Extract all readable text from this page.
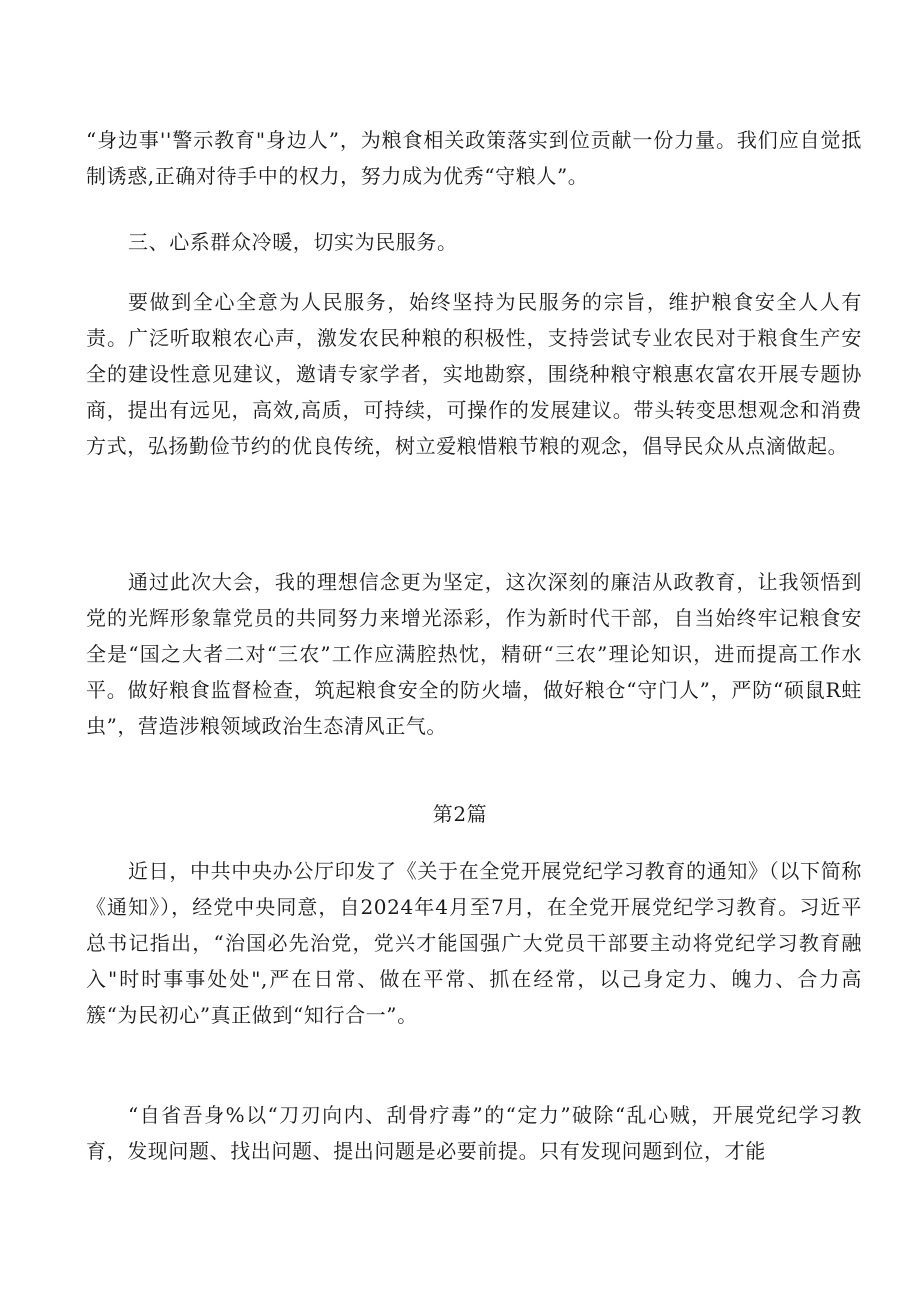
“身边事''警示教育"身边人”，为粮食相关政策落实到位贡献一份力量。我们应自觉抵制诱惑,正确对待手中的权力，努力成为优秀“守粮人”。
三、心系群众冷暖，切实为民服务。
要做到全心全意为人民服务，始终坚持为民服务的宗旨，维护粮食安全人人有责。广泛听取粮农心声，激发农民种粮的积极性，支持尝试专业农民对于粮食生产安全的建设性意见建议，邀请专家学者，实地勘察，围绕种粮守粮惠农富农开展专题协商，提出有远见，高效,高质，可持续，可操作的发展建议。带头转变思想观念和消费方式，弘扬勤俭节约的优良传统，树立爱粮惜粮节粮的观念，倡导民众从点滴做起。
通过此次大会，我的理想信念更为坚定，这次深刻的廉洁从政教育，让我领悟到党的光辉形象靠党员的共同努力来增光添彩，作为新时代干部，自当始终牢记粮食安全是“国之大者二对“三农”工作应满腔热忱，精研“三农”理论知识，进而提高工作水平。做好粮食监督检查，筑起粮食安全的防火墙，做好粮仓“守门人”，严防“硕鼠R蛀虫”，营造涉粮领域政治生态清风正气。
第2篇
近日，中共中央办公厅印发了《关于在全党开展党纪学习教育的通知》（以下简称《通知》），经党中央同意，自2024年4月至7月，在全党开展党纪学习教育。习近平总书记指出，“治国必先治党，党兴才能国强广大党员干部要主动将党纪学习教育融入"时时事事处处",严在日常、做在平常、抓在经常，以己身定力、魄力、合力高簇“为民初心”真正做到“知行合一”。
“自省吾身%以“刀刃向内、刮骨疗毒”的“定力”破除“乱心贼，开展党纪学习教育，发现问题、找出问题、提出问题是必要前提。只有发现问题到位，才能
